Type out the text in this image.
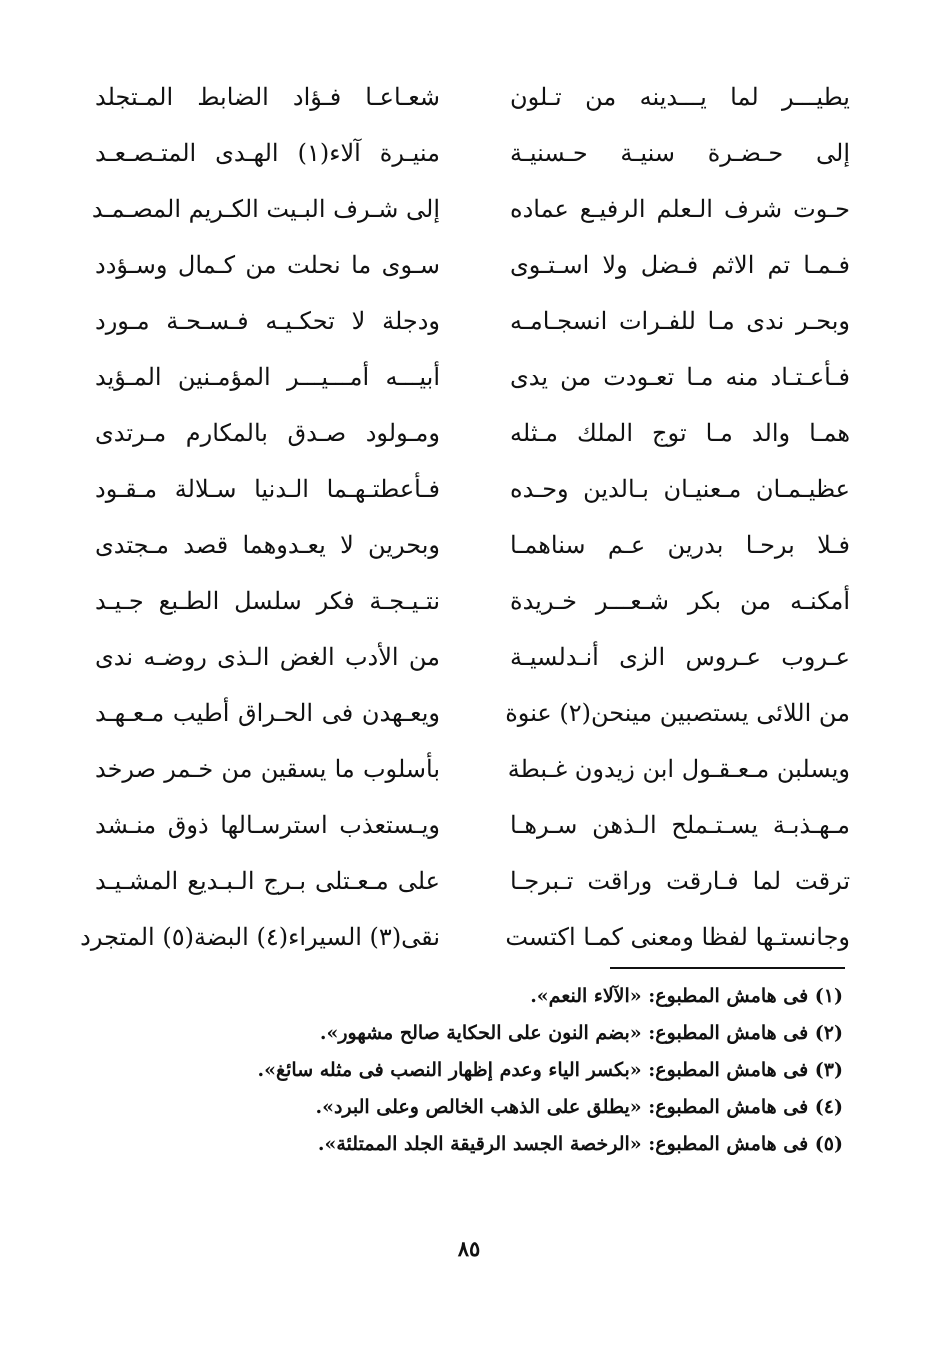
يطيـــر لما يـــدينه من تـلون
شعـاعـا فـؤاد الضابط المـتجلد
إلى حـضـرة سنيـة حـسنيـة
منيـرة آلاء(١) الهـدى المتـصـعـد
حـوت شرف الـعلم الرفيـع عماده
إلى شـرف البـيت الكـريم المصـمـد
فـمـا تم الاثم فـضل ولا اسـتـوى
سـوى ما نحلت من كـمال وسـؤدد
وبحـر ندى مـا للفـرات انسجـامـه
ودجلة لا تحكـيـه فـسـحـة مـورد
فـأعـتـاد منه مـا تعـودت من يدى
أبيـــه أمـــيـــر المؤمـنين المـؤيد
همـا والد مـا توج الملك مـثله
ومـولود صـدق بالمكارم مـرتدى
عظيـمـان مـعنيـان بـالدين وحـده
فـأعطتـهـما الـدنيا سـلالة مـقـود
فـلا برحـا بدرين عـم سناهمـا
وبحرين لا يعـدوهما قصد مـجتدى
أمكنـه من بكر شـعـــر خـريدة
نتـيـجـة فكر سلسل الطـبع جـيـد
عـروب عـروس الزى أنـدلسيـة
من الأدب الغض الـذى روضـه ندى
من اللائى يستصبين مينحن(٢) عنوة
ويعـهدن فى الحـراق أطيب مـعـهـد
ويسلبن مـعـقـول ابن زيدون غـبطة
بأسلوب ما يسقين من خـمر صرخد
مـهـذبـة يسـتـملح الـذهن سـرهـا
ويـستعذب استرسـالها ذوق منـشد
ترقت لما فـارقت وراقت تـبرجـا
على مـعـتلى بـرج الـبـديع المشـيـد
وجانستـها لفظا ومعنى كمـا اكتست
نقى(٣) السيراء(٤) البضة(٥) المتجرد
(١) فى هامش المطبوع: «الآلاء النعم».
(٢) فى هامش المطبوع: «بضم النون على الحكاية صالح مشهور».
(٣) فى هامش المطبوع: «بكسر الياء وعدم إظهار النصب فى مثله سائغ».
(٤) فى هامش المطبوع: «يطلق على الذهب الخالص وعلى البرد».
(٥) فى هامش المطبوع: «الرخصة الجسد الرقيقة الجلد الممتلئة».
٨٥
